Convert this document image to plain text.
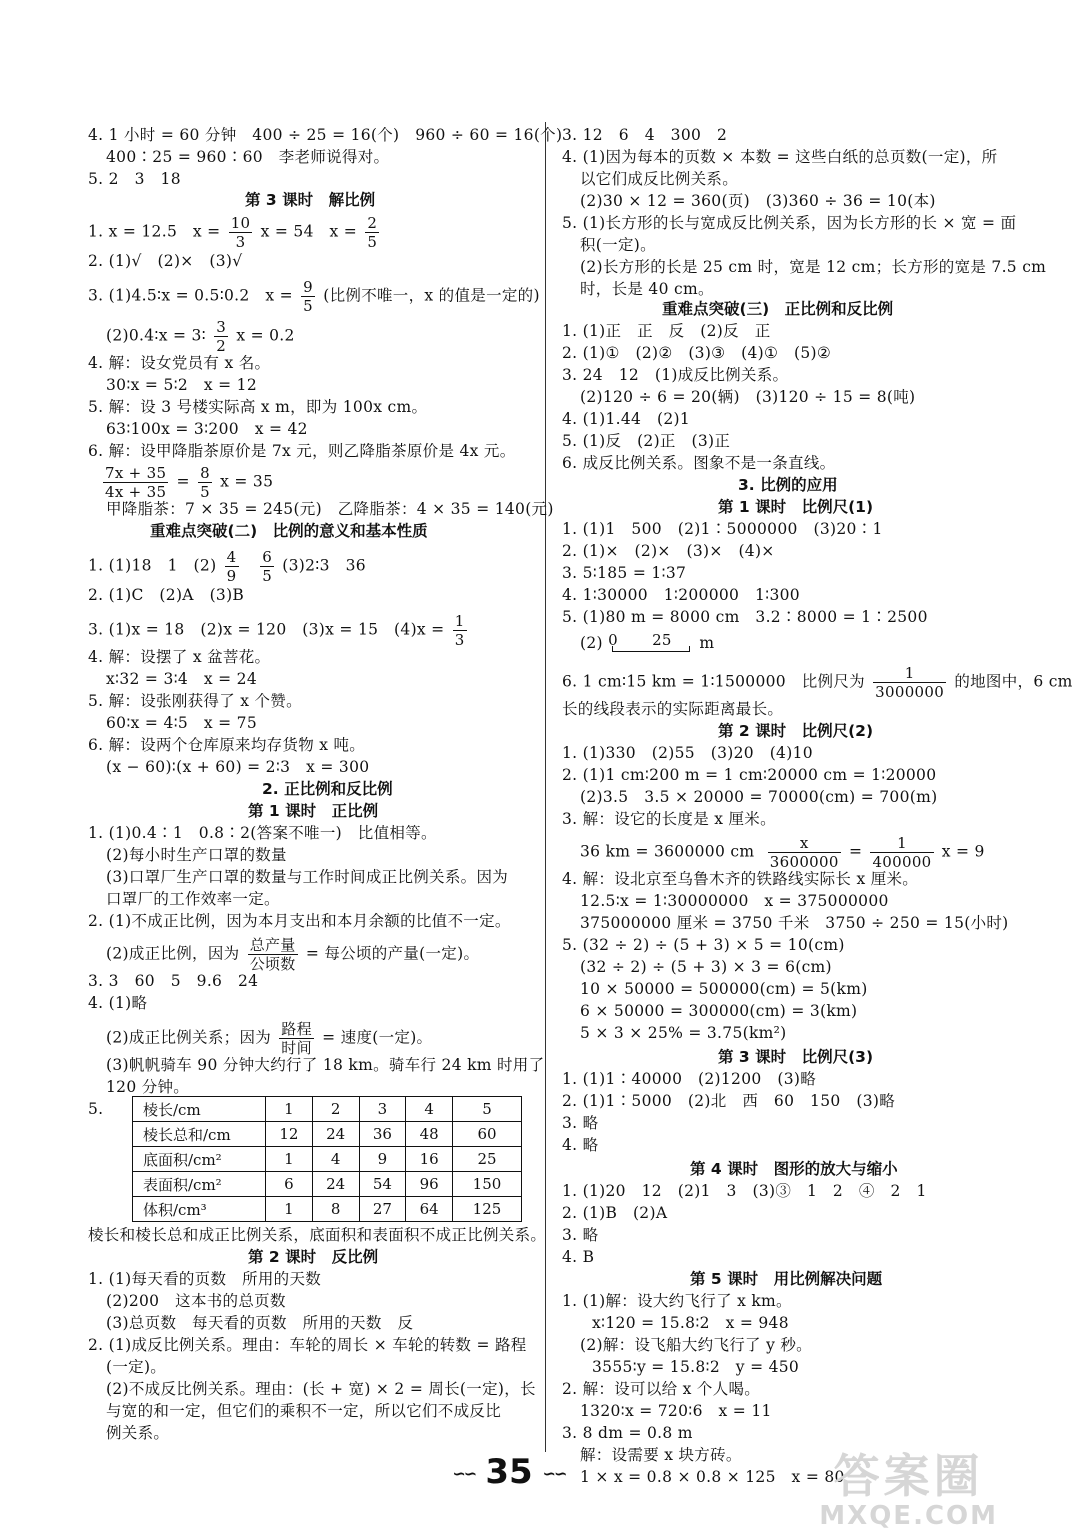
4. 1 小时 = 60 分钟　400 ÷ 25 = 16(个)　960 ÷ 60 = 16(个)
400∶25 = 960∶60　李老师说得对。
5. 2　3　18
第 3 课时　解比例
1. x = 12.5　$x = \frac{10}{3}$ x = 54　$x = \frac{2}{5}$
2. (1)√　(2)×　(3)√
3. (1)4.5∶x = 0.5∶0.2　$x = \frac{9}{5}$ (比例不唯一，x 的值是一定的)
(2)0.4∶x = 3∶ $\frac{3}{2}$ x = 0.2
4. 解：设女党员有 x 名。
30∶x = 5∶2　x = 12
5. 解：设 3 号楼实际高 x m，即为 100x cm。
63∶100x = 3∶200　x = 42
6. 解：设甲降脂茶原价是 7x 元，则乙降脂茶原价是 4x 元。
$\frac{7x + 35}{4x + 35} = \frac{8}{5}$ x = 35
甲降脂茶：7 × 35 = 245(元)　乙降脂茶：4 × 35 = 140(元)
重难点突破(二)　比例的意义和基本性质
1. (1)18　1　$(2) \frac{4}{9}$
$\frac{6}{5}$ (3)2∶3　36
2. (1)C　(2)A　(3)B
3. (1)x = 18　(2)x = 120　(3)x = 15　$(4)x = \frac{1}{3}$
4. 解：设摆了 x 盆菩花。
x∶32 = 3∶4　x = 24
5. 解：设张刚获得了 x 个赞。
60∶x = 4∶5　x = 75
6. 解：设两个仓库原来均存货物 x 吨。
(x − 60)∶(x + 60) = 2∶3　x = 300
2. 正比例和反比例
第 1 课时　正比例
1. (1)0.4∶1　0.8∶2(答案不唯一)　比值相等。
(2)每小时生产口罩的数量
(3)口罩厂生产口罩的数量与工作时间成正比例关系。因为
口罩厂的工作效率一定。
2. (1)不成正比例，因为本月支出和本月余额的比值不一定。
(2)成正比例，因为 $\frac{\text{总产量}}{\text{公顷数}}$ = 每公顷的产量(一定)。
3. 3　60　5　9.6　24
4. (1)略
(2)成正比例关系；因为 $\frac{\text{路程}}{\text{时间}}$ = 速度(一定)。
(3)帆帆骑车 90 分钟大约行了 18 km。骑车行 24 km 时用了
120 分钟。
5.	棱长/cm	1	2	3	4	5
棱长总和/cm	12	24	36	48	60
底面积/cm²	1	4	9	16	25
表面积/cm²	6	24	54	96	150
体积/cm³	1	8	27	64	125
棱长和棱长总和成正比例关系，底面积和表面积不成正比例关系。
第 2 课时　反比例
1. (1)每天看的页数　所用的天数
(2)200　这本书的总页数
(3)总页数　每天看的页数　所用的天数　反
2. (1)成反比例关系。理由：车轮的周长 × 车轮的转数 = 路程
(一定)。
(2)不成反比例关系。理由：(长 + 宽) × 2 = 周长(一定)，长
与宽的和一定，但它们的乘积不一定，所以它们不成反比
例关系。
3. 12　6　4　300　2
4. (1)因为每本的页数 × 本数 = 这些白纸的总页数(一定)，所
以它们成反比例关系。
(2)30 × 12 = 360(页)　(3)360 ÷ 36 = 10(本)
5. (1)长方形的长与宽成反比例关系，因为长方形的长 × 宽 = 面
积(一定)。
(2)长方形的长是 25 cm 时，宽是 12 cm；长方形的宽是 7.5 cm
时，长是 40 cm。
重难点突破(三)　正比例和反比例
1. (1)正　正　反　(2)反　正
2. (1)①　(2)②　(3)③　(4)①　(5)②
3. 24　12　(1)成反比例关系。
(2)120 ÷ 6 = 20(辆)　(3)120 ÷ 15 = 8(吨)
4. (1)1.44　(2)1
5. (1)反　(2)正　(3)正
6. 成反比例关系。图象不是一条直线。
3. 比例的应用
第 1 课时　比例尺(1)
1. (1)1　500　(2)1∶5000000　(3)20∶1
2. (1)×　(2)×　(3)×　(4)×
3. 5∶185 = 1∶37
4. 1∶30000　1∶200000　1∶300
5. (1)80 m = 8000 cm　3.2∶8000 = 1∶2500
(2) 0 25 m
6. 1 cm∶15 km = 1∶1500000　比例尺为 $\frac{1}{3000000}$ 的地图中，6 cm
长的线段表示的实际距离最长。
第 2 课时　比例尺(2)
1. (1)330　(2)55　(3)20　(4)10
2. (1)1 cm∶200 m = 1 cm∶20000 cm = 1∶20000
(2)3.5　3.5 × 20000 = 70000(cm) = 700(m)
3. 解：设它的长度是 x 厘米。
36 km = 3600000 cm $\frac{x}{3600000} = \frac{1}{400000}$ x = 9
4. 解：设北京至乌鲁木齐的铁路线实际长 x 厘米。
12.5∶x = 1∶30000000　x = 375000000
375000000 厘米 = 3750 千米　3750 ÷ 250 = 15(小时)
5. (32 ÷ 2) ÷ (5 + 3) × 5 = 10(cm)
(32 ÷ 2) ÷ (5 + 3) × 3 = 6(cm)
10 × 50000 = 500000(cm) = 5(km)
6 × 50000 = 300000(cm) = 3(km)
5 × 3 × 25% = 3.75(km²)
第 3 课时　比例尺(3)
1. (1)1∶40000　(2)1200　(3)略
2. (1)1∶5000　(2)北　西　60　150　(3)略
3. 略
4. 略
第 4 课时　图形的放大与缩小
1. (1)20　12　(2)1　3　(3)③　1　2　④　2　1
2. (1)B　(2)A
3. 略
4. B
第 5 课时　用比例解决问题
1. (1)解：设大约飞行了 x km。
x∶120 = 15.8∶2　x = 948
(2)解：设飞船大约飞行了 y 秒。
3555∶y = 15.8∶2　y = 450
2. 解：设可以给 x 个人喝。
1320∶x = 720∶6　x = 11
3. 8 dm = 0.8 m
解：设需要 x 块方砖。
1 × x = 0.8 × 0.8 × 125　x = 80
∽∽ 35 ∽∽	答案圈
MXQE.COM
